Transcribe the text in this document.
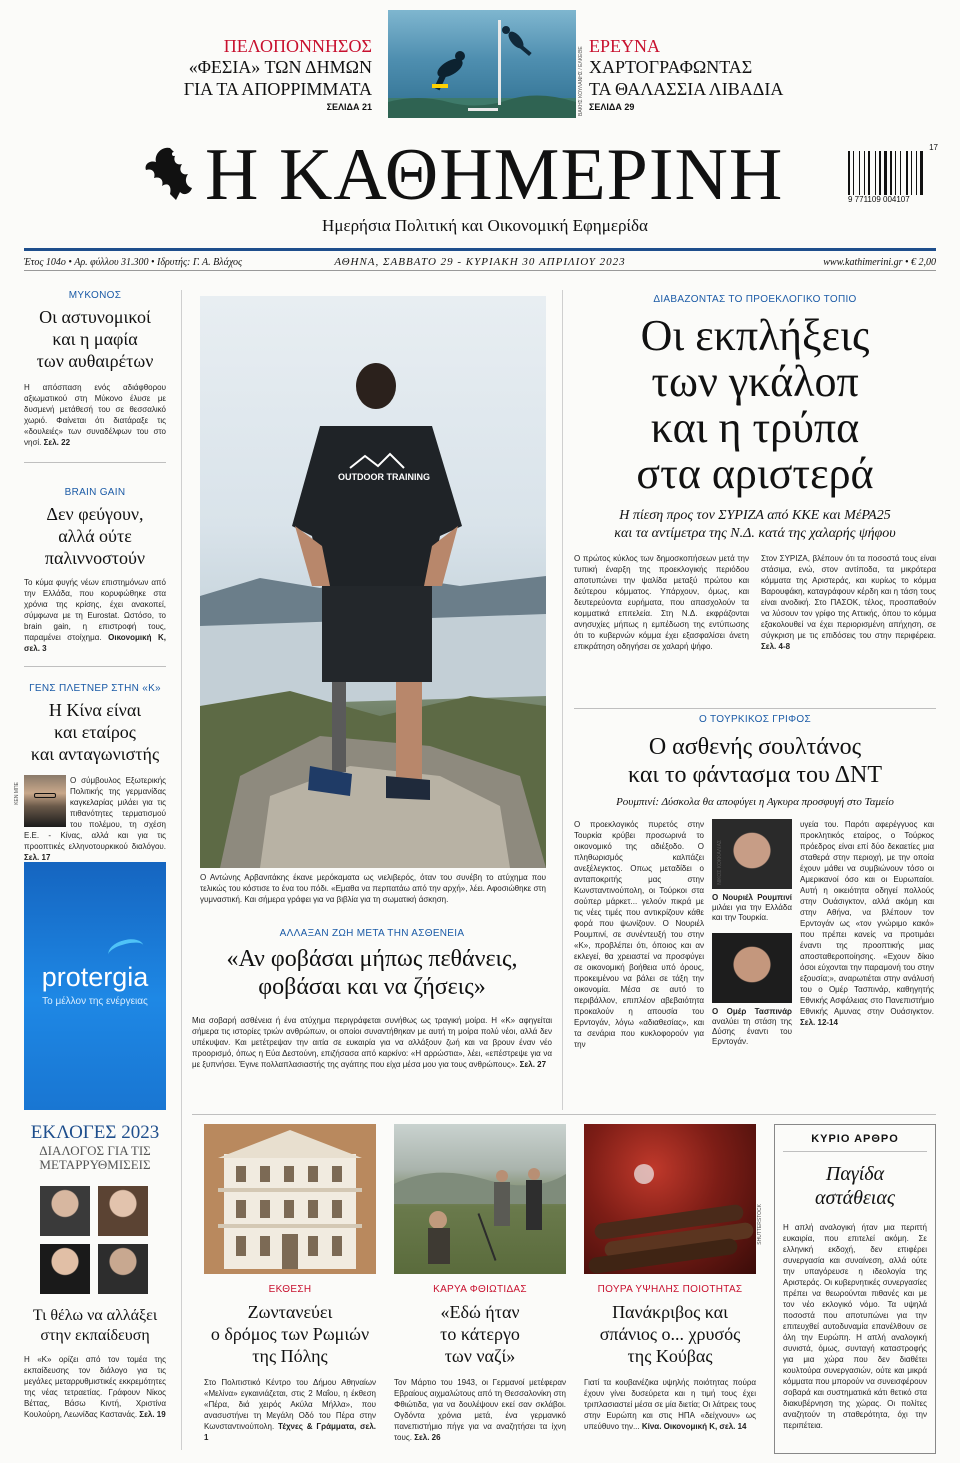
ΠΕΛΟΠΟΝΝΗΣΟΣ
«ΦΕΣΙΑ» ΤΩΝ ΔΗΜΩΝ
ΓΙΑ ΤΑ ΑΠΟΡΡΙΜΜΑΤΑ
ΣΕΛΙΔΑ 21	ΒΑΚΗΣ ΚΟΥΛΑΝΗΣ / ΕΛΚΕΘΕ
ΕΡΕΥΝΑ
ΧΑΡΤΟΓΡΑΦΩΝΤΑΣ
ΤΑ ΘΑΛΑΣΣΙΑ ΛΙΒΑΔΙΑ
ΣΕΛΙΔΑ 29
Η ΚΑΘΗΜΕΡΙΝΗ
Ημερήσια Πολιτική και Οικονομική Εφημερίδα
17
9 771109 004107
Έτος 104ο • Αρ. φύλλου 31.300 • Ιδρυτής: Γ. Α. Βλάχος	ΑΘΗΝΑ, ΣΑΒΒΑΤΟ 29 - ΚΥΡΙΑΚΗ 30 ΑΠΡΙΛΙΟΥ 2023	www.kathimerini.gr • € 2,00
ΜΥΚΟΝΟΣ
Οι αστυνομικοί
και η μαφία
των αυθαιρέτων
Η απόσπαση ενός αδιάφθορου αξιωματικού στη Μύκονο έλυσε με δυσμενή μετάθεσή του σε θεσσαλικό χωριό. Φαίνεται ότι διατάραξε τις «δουλειές» των συναδέλφων του στο νησί. Σελ. 22
BRAIN GAIN
Δεν φεύγουν,
αλλά ούτε
παλιννοστούν
Το κύμα φυγής νέων επιστημόνων από την Ελλάδα, που κορυφώθηκε στα χρόνια της κρίσης, έχει ανακοπεί, σύμφωνα με τη Eurostat. Ωστόσο, το brain gain, η επιστροφή τους, παραμένει στοίχημα. Οικονομική Κ, σελ. 3
ΓΕΝΣ ΠΛΕΤΝΕΡ ΣΤΗΝ «Κ»
Η Κίνα είναι
και εταίρος
και ανταγωνιστής
Ο σύμβουλος Εξωτερικής Πολιτικής της γερμανίδας καγκελαρίας μιλάει για τις πιθανότητες τερματισμού του πολέμου, τη σχέση Ε.Ε. - Κίνας, αλλά και για τις προοπτικές ελληνοτουρκικού διαλόγου. Σελ. 17
ΚΕΝ ΜΠΕ
protergia
Το μέλλον της ενέργειας
ΕΚΛΟΓΕΣ 2023
ΔΙΑΛΟΓΟΣ ΓΙΑ ΤΙΣ
ΜΕΤΑΡΡΥΘΜΙΣΕΙΣ
Τι θέλω να αλλάξει
στην εκπαίδευση
Η «Κ» ορίζει από τον τομέα της εκπαίδευσης τον διάλογο για τις μεγάλες μεταρρυθμιστικές εκκρεμότητες της νέας τετραετίας. Γράφουν Νίκος Βέττας, Βάσω Κιντή, Χριστίνα Κουλούρη, Λεωνίδας Καστανάς. Σελ. 19
OUTDOOR TRAINING
Ο Αντώνης Αρβανιτάκης έκανε μερόκαματα ως νιελιβερός, όταν του συνέβη το ατύχημα που τελικώς του κόστισε το ένα του πόδι. «Εμαθα να περπατάω από την αρχή», λέει. Αφοσιώθηκε στη γυμναστική. Και σήμερα γράφει για να βιβλία για τη σωματική άσκηση.
ΑΛΛΑΞΑΝ ΖΩΗ ΜΕΤΑ ΤΗΝ ΑΣΘΕΝΕΙΑ
«Αν φοβάσαι μήπως πεθάνεις,
φοβάσαι και να ζήσεις»
Μια σοβαρή ασθένεια ή ένα ατύχημα περιγράφεται συνήθως ως τραγική μοίρα. Η «Κ» αφηγείται σήμερα τις ιστορίες τριών ανθρώπων, οι οποίοι συναντήθηκαν με αυτή τη μοίρα πολύ νέοι, αλλά δεν υπέκυψαν. Και μετέτρεψαν την αιτία σε ευκαιρία για να αλλάξουν ζωή και να βρουν έναν νέο προορισμό, όπως η Εύα Δεστούνη, επιζήσασα από καρκίνο: «Η αρρώστια», λέει, «επέστρεψε για να με ξυπνήσει. Έγινε πολλαπλασιαστής της αγάπης που είχα μέσα μου για τους ανθρώπους». Σελ. 27
ΔΙΑΒΑΖΟΝΤΑΣ ΤΟ ΠΡΟΕΚΛΟΓΙΚΟ ΤΟΠΙΟ
Οι εκπλήξεις
των γκάλοπ
και η τρύπα
στα αριστερά
Η πίεση προς τον ΣΥΡΙΖΑ από ΚΚΕ και ΜέΡΑ25
και τα αντίμετρα της Ν.Δ. κατά της χαλαρής ψήφου
Ο πρώτος κύκλος των δημοσκοπήσεων μετά την τυπική έναρξη της προεκλογικής περιόδου αποτυπώνει την ψαλίδα μεταξύ πρώτου και δεύτερου κόμματος. Υπάρχουν, όμως, και δευτερεύοντα ευρήματα, που απασχολούν τα κομματικά επιτελεία. Στη Ν.Δ. εκφράζονται ανησυχίες μήπως η εμπέδωση της εντύπωσης ότι το κυβερνών κόμμα έχει εξασφαλίσει άνετη επικράτηση οδηγήσει σε χαλαρή ψήφο.
Στον ΣΥΡΙΖΑ, βλέπουν ότι τα ποσοστά τους είναι στάσιμα, ενώ, στον αντίποδα, τα μικρότερα κόμματα της Αριστεράς, και κυρίως το κόμμα Βαρουφάκη, καταγράφουν κέρδη και η τάση τους είναι ανοδική. Στο ΠΑΣΟΚ, τέλος, προσπαθούν να λύσουν τον γρίφο της Αττικής, όπου το κόμμα εξακολουθεί να έχει περιορισμένη απήχηση, σε σύγκριση με τις επιδόσεις του στην περιφέρεια. Σελ. 4-8
Ο ΤΟΥΡΚΙΚΟΣ ΓΡΙΦΟΣ
Ο ασθενής σουλτάνος
και το φάντασμα του ΔΝΤ
Ρουμπινί: Δύσκολα θα αποφύγει η Αγκυρα προσφυγή στο Ταμείο
Ο προεκλογικός πυρετός στην Τουρκία κρύβει προσωρινά το οικονομικό της αδιέξοδο. Ο πληθωρισμός καλπάζει ανεξέλεγκτος. Οπως μεταδίδει ο ανταποκριτής μας στην Κωνσταντινούπολη, οι Τούρκοι στα σούπερ μάρκετ... γελούν πικρά με τις νέες τιμές που αντικρίζουν κάθε φορά που ψωνίζουν. Ο Νουριέλ Ρουμπινί, σε συνέντευξή του στην «Κ», προβλέπει ότι, όποιος και αν εκλεγεί, θα χρειαστεί να προσφύγει σε οικονομική βοήθεια υπό όρους, προκειμένου να βάλει σε τάξη την οικονομία. Μέσα σε αυτό το περιβάλλον, επιπλέον αβεβαιότητα προκαλούν η απουσία του Ερντογάν, λόγω «αδιαθεσίας», και τα σενάρια που κυκλοφορούν για την
Ο Νουριέλ Ρουμπινί μιλάει για την Ελλάδα και την Τουρκία.
Ο Ομέρ Τασπινάρ αναλύει τη στάση της Δύσης έναντι του Ερντογάν.
υγεία του. Παρότι αφερέγγυος και προκλητικός εταίρος, ο Τούρκος πρόεδρος είναι επί δύο δεκαετίες μια σταθερά στην περιοχή, με την οποία έχουν μάθει να συμβιώνουν τόσο οι Αμερικανοί όσο και οι Ευρωπαίοι. Αυτή η οικειότητα οδηγεί πολλούς στην Ουάσιγκτον, αλλά ακόμη και στην Αθήνα, να βλέπουν τον Ερντογάν ως «τον γνώριμο κακό» που πρέπει κανείς να προτιμάει έναντι της προοπτικής μιας αποσταθεροποίησης. «Εχουν δίκιο όσοι εύχονται την παραμονή του στην εξουσία;», αναρωτιέται στην ανάλυσή του ο Ομέρ Τασπινάρ, καθηγητής Εθνικής Ασφάλειας στο Πανεπιστήμιο Εθνικής Αμυνας στην Ουάσιγκτον. Σελ. 12-14
ΝΙΚΟΣ ΚΟΚΚΑΛΙΑΣ
ΕΚΘΕΣΗ
Ζωντανεύει
ο δρόμος των Ρωμιών
της Πόλης
Στο Πολιτιστικό Κέντρο του Δήμου Αθηναίων «Μελίνα» εγκαινιάζεται, στις 2 Μαΐου, η έκθεση «Πέρα, διά χειρός Ακύλα Μήλλα», που ανασυστήνει τη Μεγάλη Οδό του Πέρα στην Κωνσταντινούπολη. Τέχνες & Γράμματα, σελ. 1
ΚΑΡΥΑ ΦΘΙΩΤΙΔΑΣ
«Εδώ ήταν
το κάτεργο
των ναζί»
Τον Μάρτιο του 1943, οι Γερμανοί μετέφεραν Εβραίους αιχμαλώτους από τη Θεσσαλονίκη στη Φθιώτιδα, για να δουλέψουν εκεί σαν σκλάβοι. Ογδόντα χρόνια μετά, ένα γερμανικό πανεπιστήμιο πήγε για να αναζητήσει τα ίχνη τους. Σελ. 26
SHUTTERSTOCK
ΠΟΥΡΑ ΥΨΗΛΗΣ ΠΟΙΟΤΗΤΑΣ
Πανάκριβος και
σπάνιος ο... χρυσός
της Κούβας
Γιατί τα κουβανέζικα υψηλής ποιότητας πούρα έχουν γίνει δυσεύρετα και η τιμή τους έχει τριπλασιαστεί μέσα σε μία διετία; Οι λάτρεις τους στην Ευρώπη και στις ΗΠΑ «δείχνουν» ως υπεύθυνο την... Κίνα. Οικονομική Κ, σελ. 14
ΚΥΡΙΟ ΑΡΘΡΟ
Παγίδα
αστάθειας
Η απλή αναλογική ήταν μια περιττή ευκαιρία, που επιτελεί ακόμη. Σε ελληνική εκδοχή, δεν επιφέρει συνεργασία και συναίνεση, αλλά ούτε την υπαγόρευσε η ιδεολογία της Αριστεράς. Οι κυβερνητικές συνεργασίες πρέπει να θεωρούνται πιθανές και με τον νέο εκλογικό νόμο. Τα υψηλά ποσοστά που αποτυπώνει για την επιτευχθεί αυτοδυναμία επανέλθουν σε όλη την Ευρώπη. Η απλή αναλογική συνιστά, όμως, συνταγή καταστροφής για μια χώρα που δεν διαθέτει κουλτούρα συνεργασιών, ούτε και μικρά κόμματα που μπορούν να συνεισφέρουν σοβαρά και συστηματικά κάτι θετικό στα διακυβέρνηση της χώρας. Οι πολίτες αναζητούν τη σταθερότητα, όχι την περιπέτεια.
